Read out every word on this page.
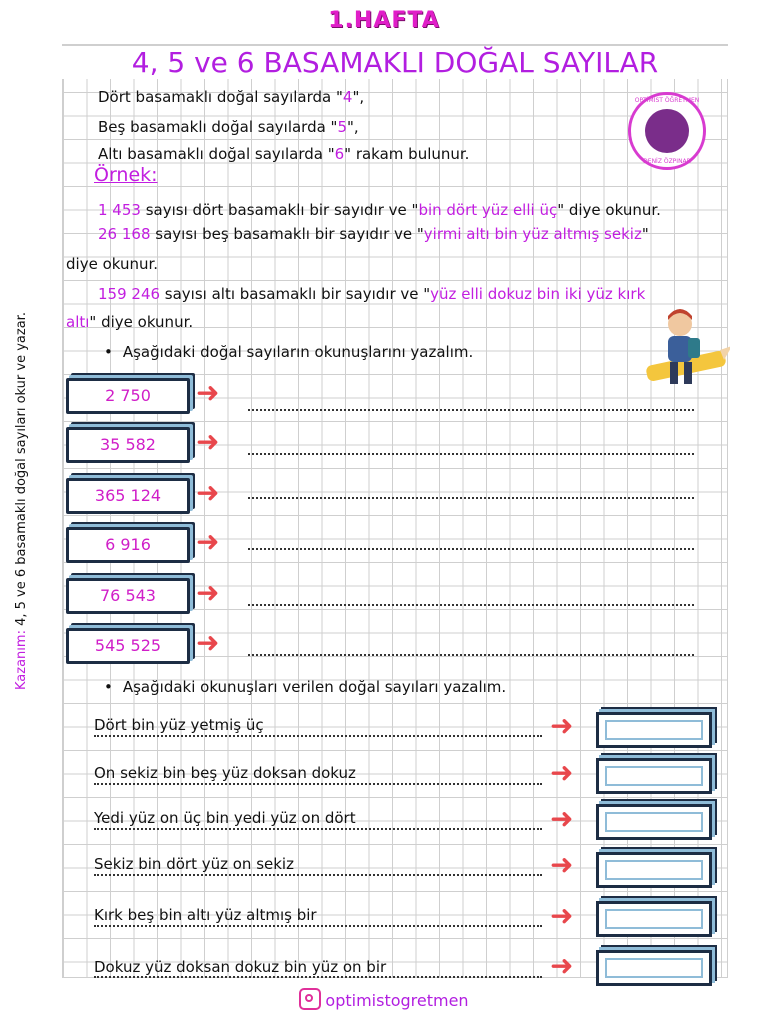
1.HAFTA
4, 5 ve 6 BASAMAKLI DOĞAL SAYILAR
OPTİMİST ÖĞRETMEN
DENİZ ÖZPINAR
Dört basamaklı doğal sayılarda "4",
Beş basamaklı doğal sayılarda "5",
Altı basamaklı doğal sayılarda "6" rakam bulunur.
Örnek:
1 453 sayısı dört basamaklı bir sayıdır ve "bin dört yüz elli üç" diye okunur.
26 168 sayısı beş basamaklı bir sayıdır ve "yirmi altı bin yüz altmış sekiz"
diye okunur.
159 246 sayısı altı basamaklı bir sayıdır ve "yüz elli dokuz bin iki yüz kırk
altı" diye okunur.
Kazanım: 4, 5 ve 6 basamaklı doğal sayıları okur ve yazar.
•	Aşağıdaki doğal sayıların okunuşlarını yazalım.
2 750	➜
35 582	➜
365 124	➜
6 916	➜
76 543	➜
545 525	➜
• Aşağıdaki okunuşları verilen doğal sayıları yazalım.
Dört bin yüz yetmiş üç	➜
On sekiz bin beş yüz doksan dokuz	➜
Yedi yüz on üç bin yedi yüz on dört	➜
Sekiz bin dört yüz on sekiz	➜
Kırk beş bin altı yüz altmış bir	➜
Dokuz yüz doksan dokuz bin yüz on bir	➜
optimistogretmen
